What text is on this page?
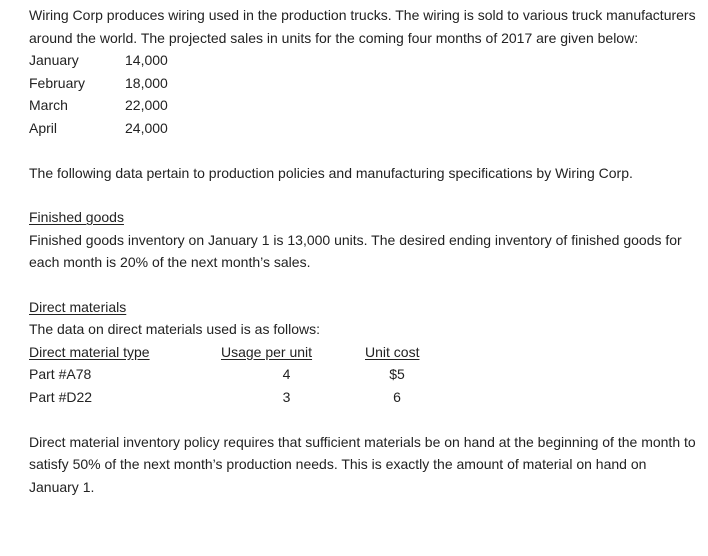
Wiring Corp produces wiring used in the production trucks. The wiring is sold to various truck manufacturers around the world. The projected sales in units for the coming four months of 2017 are given below:

January	14,000
February	18,000
March	22,000
April	24,000

The following data pertain to production policies and manufacturing specifications by Wiring Corp.

Finished goods

Finished goods inventory on January 1 is 13,000 units. The desired ending inventory of finished goods for each month is 20% of the next month’s sales.

Direct materials

The data on direct materials used is as follows:

Direct material type	Usage per unit	Unit cost
Part #A78	4	$5
Part #D22	3	6

Direct material inventory policy requires that sufficient materials be on hand at the beginning of the month to satisfy 50% of the next month’s production needs. This is exactly the amount of material on hand on January 1.
